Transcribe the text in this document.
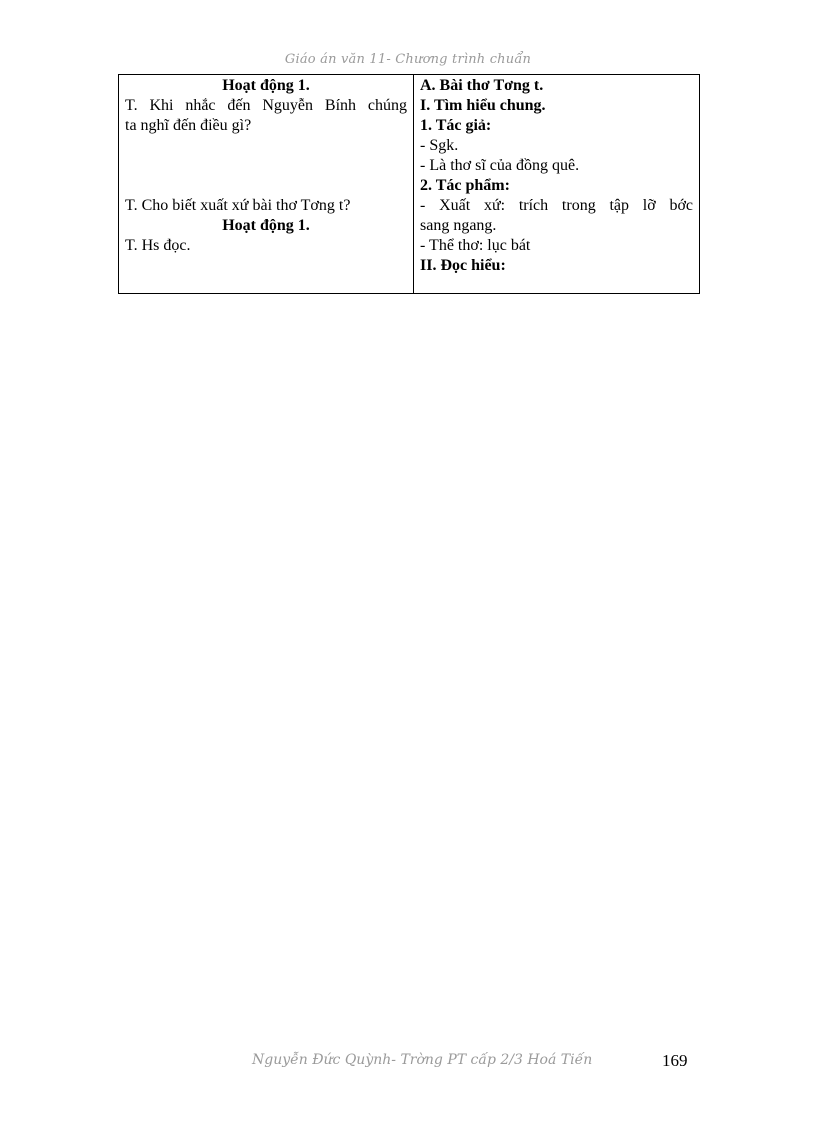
Giáo án văn 11- Chương trình chuẩn
Hoạt động 1.
T. Khi nhắc đến Nguyễn Bính chúng
ta nghĩ đến điều gì?
T. Cho biết xuất xứ bài thơ Tơng t?
Hoạt động 1.
T. Hs đọc.
A. Bài thơ Tơng t.
I. Tìm hiểu chung.
1. Tác giả:
- Sgk.
- Là thơ sĩ của đồng quê.
2. Tác phẩm:
- Xuất xứ: trích trong tập lỡ bớc
sang ngang.
- Thể thơ: lục bát
II. Đọc hiểu:
Nguyễn Đức Quỳnh- Trờng PT cấp 2/3 Hoá Tiến	169
